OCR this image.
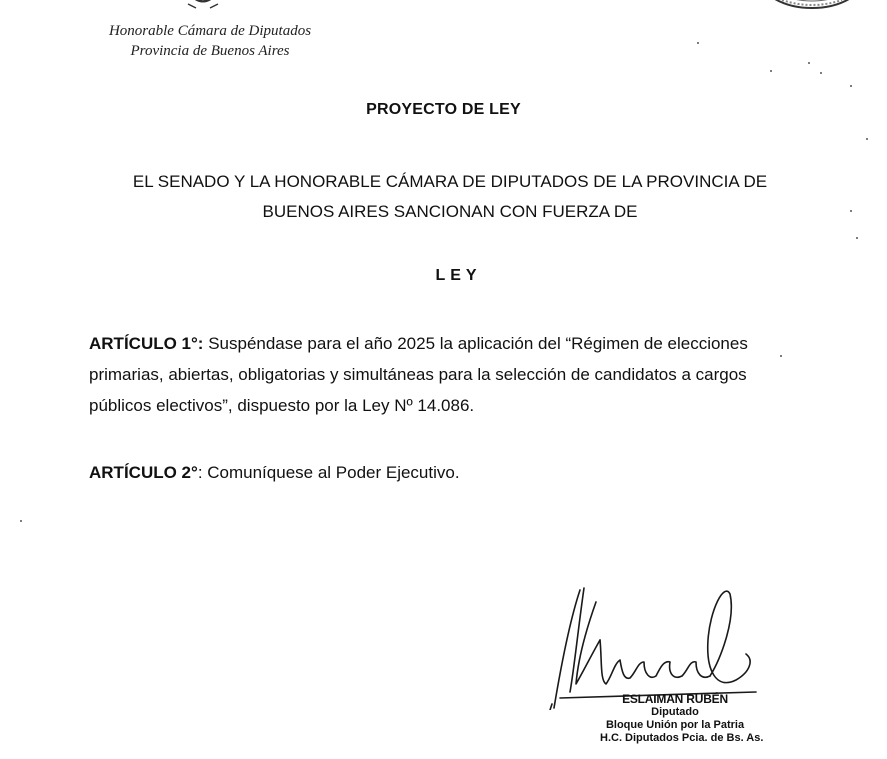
Honorable Cámara de Diputados
Provincia de Buenos Aires
PROYECTO DE LEY
EL SENADO Y LA HONORABLE CÁMARA DE DIPUTADOS DE LA PROVINCIA DE
BUENOS AIRES SANCIONAN CON FUERZA DE
LEY
ARTÍCULO 1°: Suspéndase para el año 2025 la aplicación del “Régimen de elecciones
primarias, abiertas, obligatorias y simultáneas para la selección de candidatos a cargos
públicos electivos”, dispuesto por la Ley Nº 14.086.
ARTÍCULO 2°: Comuníquese al Poder Ejecutivo.
ESLAIMAN RUBÉN
Diputado
Bloque Unión por la Patria
H.C. Diputados Pcia. de Bs. As.
